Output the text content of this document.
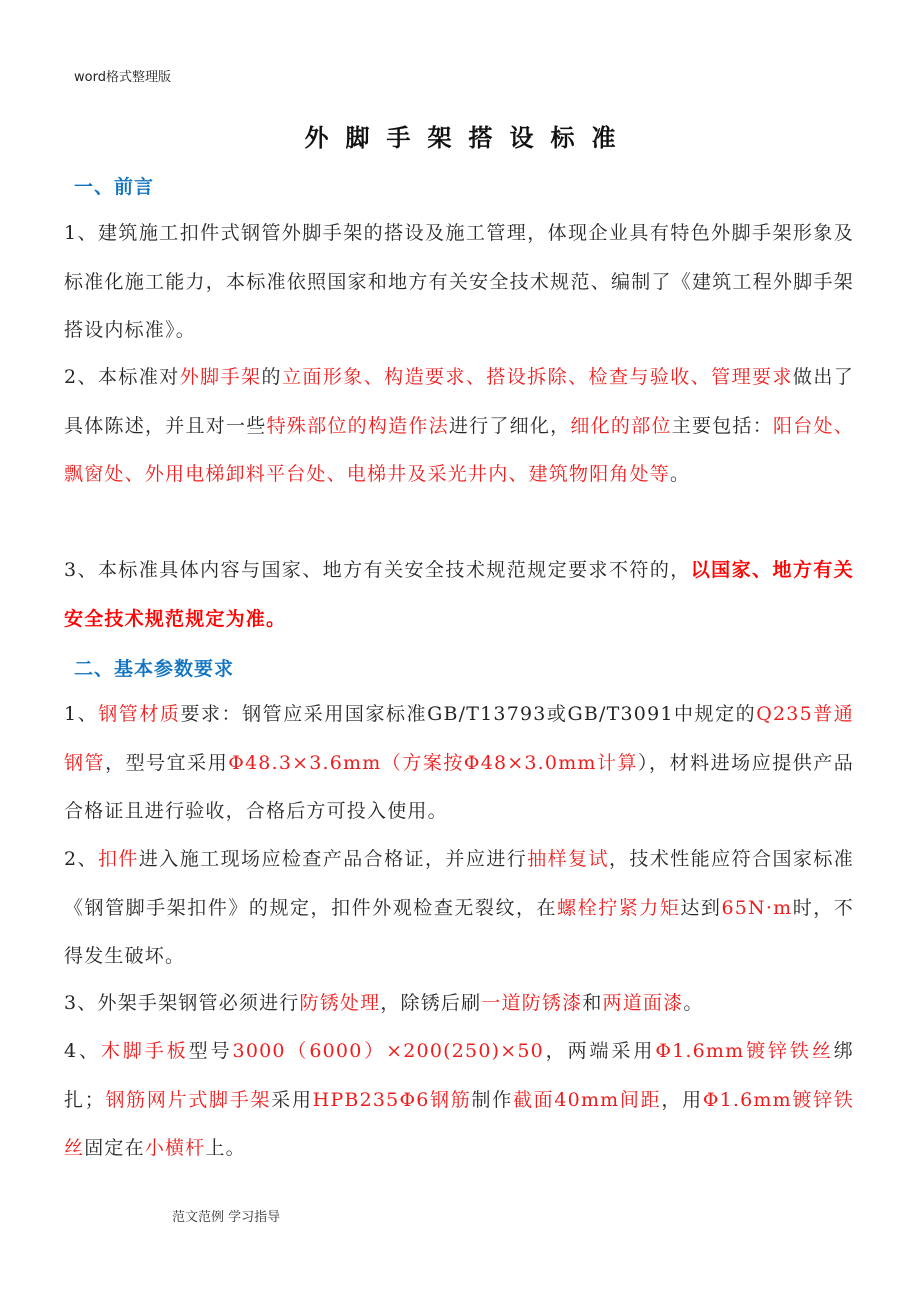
word格式整理版
外脚手架搭设标准
一、前言
1、建筑施工扣件式钢管外脚手架的搭设及施工管理，体现企业具有特色外脚手架形象及标准化施工能力，本标准依照国家和地方有关安全技术规范、编制了《建筑工程外脚手架搭设内标准》。
2、本标准对外脚手架的立面形象、构造要求、搭设拆除、检查与验收、管理要求做出了具体陈述，并且对一些特殊部位的构造作法进行了细化，细化的部位主要包括：阳台处、飘窗处、外用电梯卸料平台处、电梯井及采光井内、建筑物阳角处等。
3、本标准具体内容与国家、地方有关安全技术规范规定要求不符的，以国家、地方有关安全技术规范规定为准。
二、基本参数要求
1、钢管材质要求：钢管应采用国家标准GB/T13793或GB/T3091中规定的Q235普通钢管，型号宜采用Φ48.3×3.6mm（方案按Φ48×3.0mm计算），材料进场应提供产品合格证且进行验收，合格后方可投入使用。
2、扣件进入施工现场应检查产品合格证，并应进行抽样复试，技术性能应符合国家标准《钢管脚手架扣件》的规定，扣件外观检查无裂纹，在螺栓拧紧力矩达到65N·m时，不得发生破坏。
3、外架手架钢管必须进行防锈处理，除锈后刷一道防锈漆和两道面漆。
4、木脚手板型号3000（6000）×200(250)×50，两端采用Φ1.6mm镀锌铁丝绑扎；钢筋网片式脚手架采用HPB235Φ6钢筋制作截面40mm间距，用Φ1.6mm镀锌铁丝固定在小横杆上。
范文范例 学习指导
